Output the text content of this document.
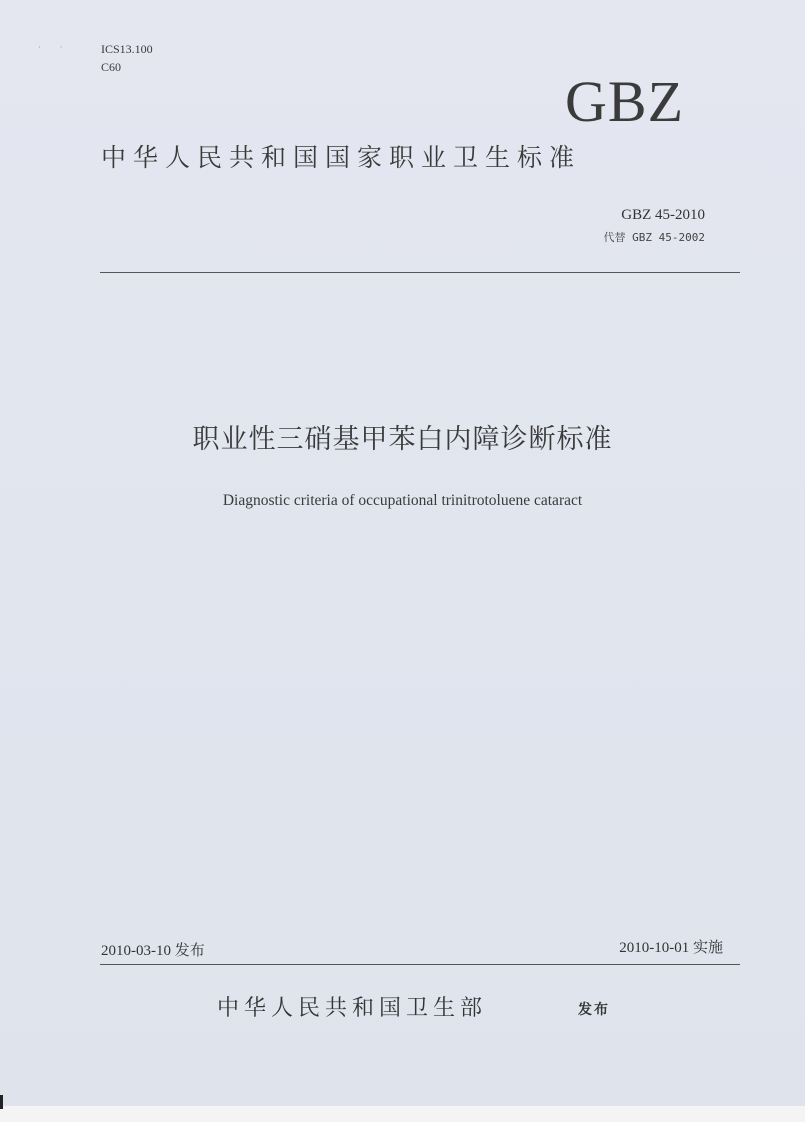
· ·	ICS13.100
C60
GBZ
中华人民共和国国家职业卫生标准
GBZ 45-2010
代替 GBZ 45-2002
职业性三硝基甲苯白内障诊断标准
Diagnostic criteria of occupational trinitrotoluene cataract
2010-03-10 发布	2010-10-01 实施
中华人民共和国卫生部	发布
